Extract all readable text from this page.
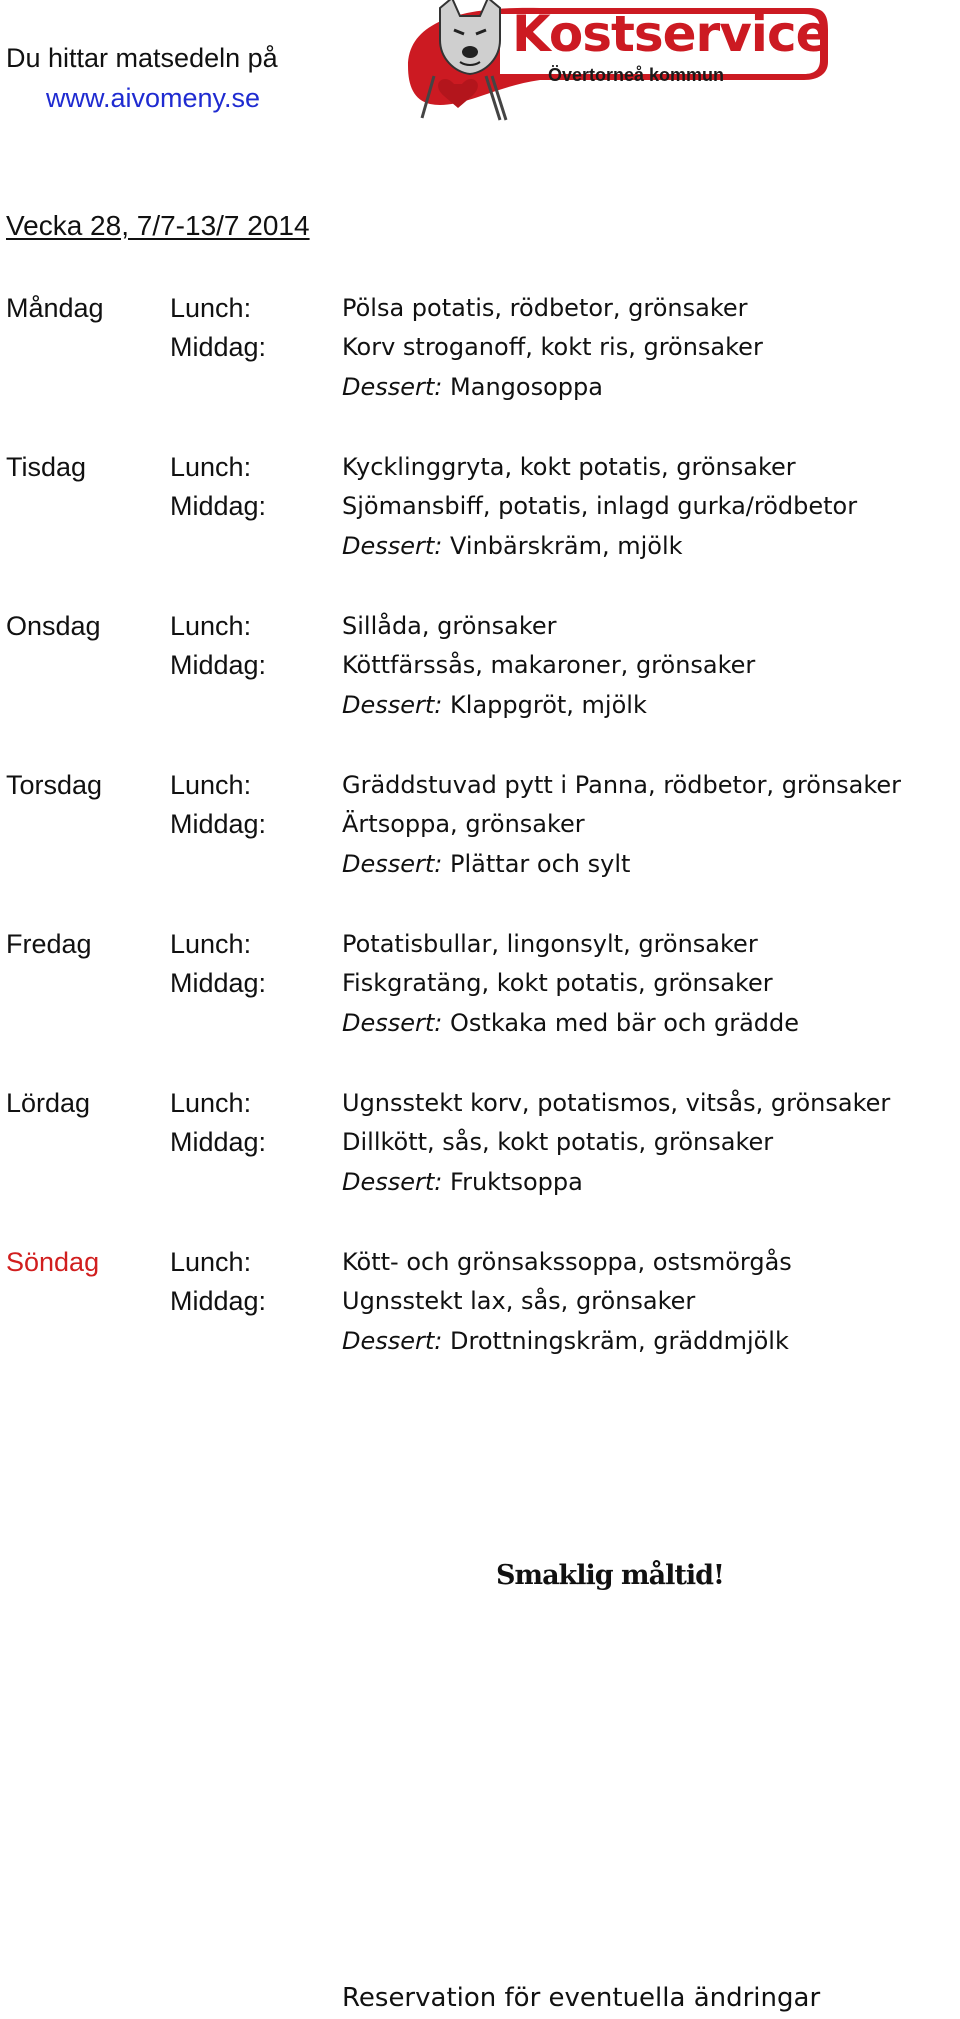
Du hittar matsedeln på
www.aivomeny.se
Kostservice
Övertorneå kommun
Vecka 28, 7/7-13/7 2014
Måndag Lunch:	Pölsa potatis, rödbetor, grönsaker
Middag:	Korv stroganoff, kokt ris, grönsaker
Dessert: Mangosoppa
Tisdag	Lunch:	Kycklinggryta, kokt potatis, grönsaker
Middag:	Sjömansbiff, potatis, inlagd gurka/rödbetor
Dessert: Vinbärskräm, mjölk
Onsdag	Lunch:	Sillåda, grönsaker
Middag:	Köttfärssås, makaroner, grönsaker
Dessert: Klappgröt, mjölk
Torsdag	Lunch:	Gräddstuvad pytt i Panna, rödbetor, grönsaker
Middag:	Ärtsoppa, grönsaker
Dessert: Plättar och sylt
Fredag	Lunch:	Potatisbullar, lingonsylt, grönsaker
Middag:	Fiskgratäng, kokt potatis, grönsaker
Dessert: Ostkaka med bär och grädde
Lördag	Lunch:	Ugnsstekt korv, potatismos, vitsås, grönsaker
Middag:	Dillkött, sås, kokt potatis, grönsaker
Dessert: Fruktsoppa
Söndag	Lunch:	Kött- och grönsakssoppa, ostsmörgås
Middag:	Ugnsstekt lax, sås, grönsaker
Dessert: Drottningskräm, gräddmjölk
Smaklig måltid!
Reservation för eventuella ändringar
